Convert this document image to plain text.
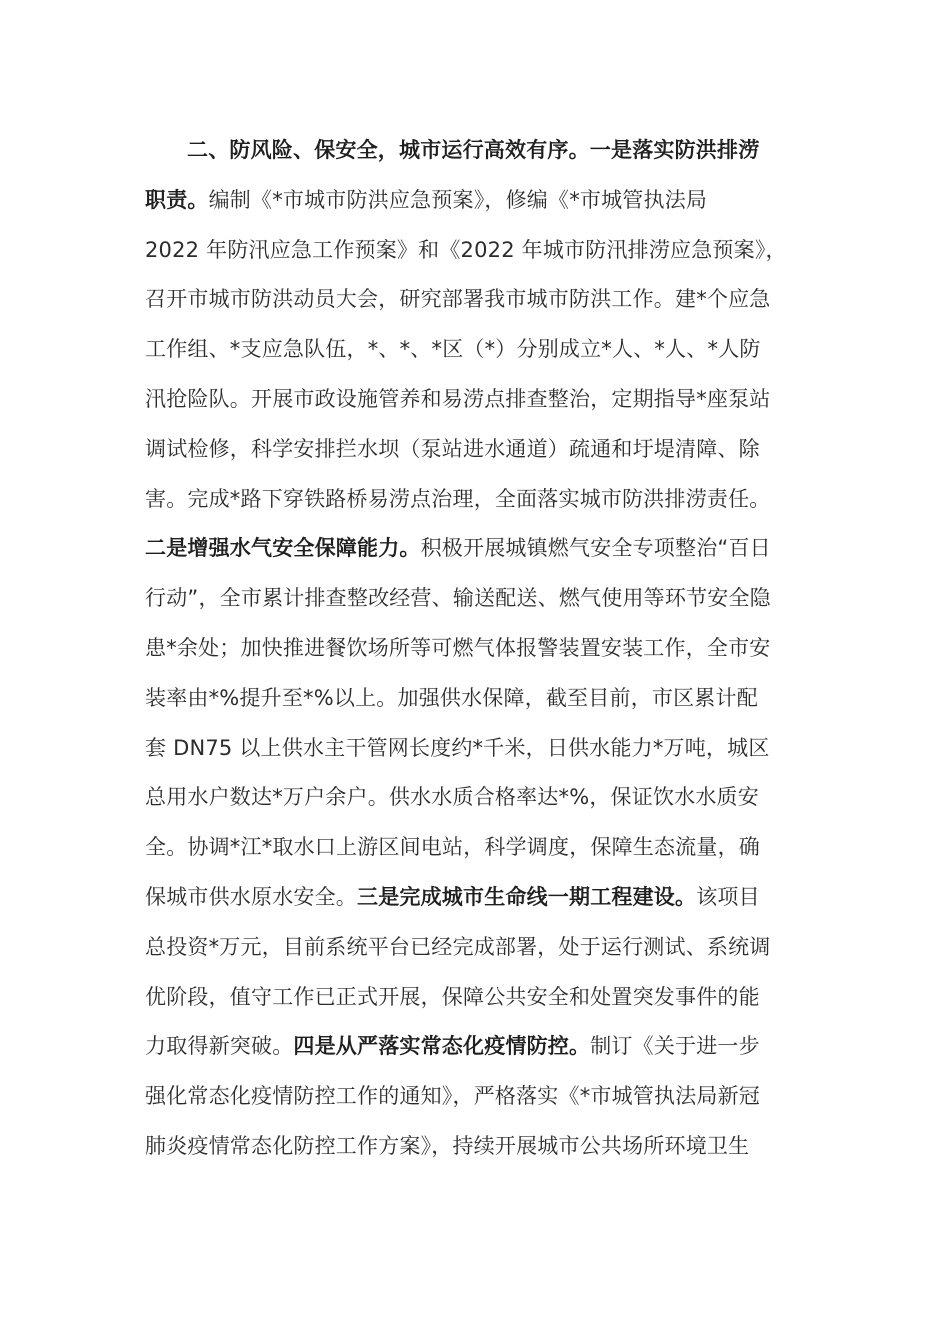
二、防风险、保安全，城市运行高效有序。一是落实防洪排涝
职责。编制《*市城市防洪应急预案》，修编《*市城管执法局
2022 年防汛应急工作预案》和《2022 年城市防汛排涝应急预案》，
召开市城市防洪动员大会，研究部署我市城市防洪工作。建*个应急
工作组、*支应急队伍，*、*、*区（*）分别成立*人、*人、*人防
汛抢险队。开展市政设施管养和易涝点排查整治，定期指导*座泵站
调试检修，科学安排拦水坝（泵站进水通道）疏通和圩堤清障、除
害。完成*路下穿铁路桥易涝点治理，全面落实城市防洪排涝责任。
二是增强水气安全保障能力。积极开展城镇燃气安全专项整治“百日
行动”，全市累计排查整改经营、输送配送、燃气使用等环节安全隐
患*余处；加快推进餐饮场所等可燃气体报警装置安装工作，全市安
装率由*%提升至*%以上。加强供水保障，截至目前，市区累计配
套 DN75 以上供水主干管网长度约*千米，日供水能力*万吨，城区
总用水户数达*万户余户。供水水质合格率达*%，保证饮水水质安
全。协调*江*取水口上游区间电站，科学调度，保障生态流量，确
保城市供水原水安全。三是完成城市生命线一期工程建设。该项目
总投资*万元，目前系统平台已经完成部署，处于运行测试、系统调
优阶段，值守工作已正式开展，保障公共安全和处置突发事件的能
力取得新突破。四是从严落实常态化疫情防控。制订《关于进一步
强化常态化疫情防控工作的通知》，严格落实《*市城管执法局新冠
肺炎疫情常态化防控工作方案》，持续开展城市公共场所环境卫生
